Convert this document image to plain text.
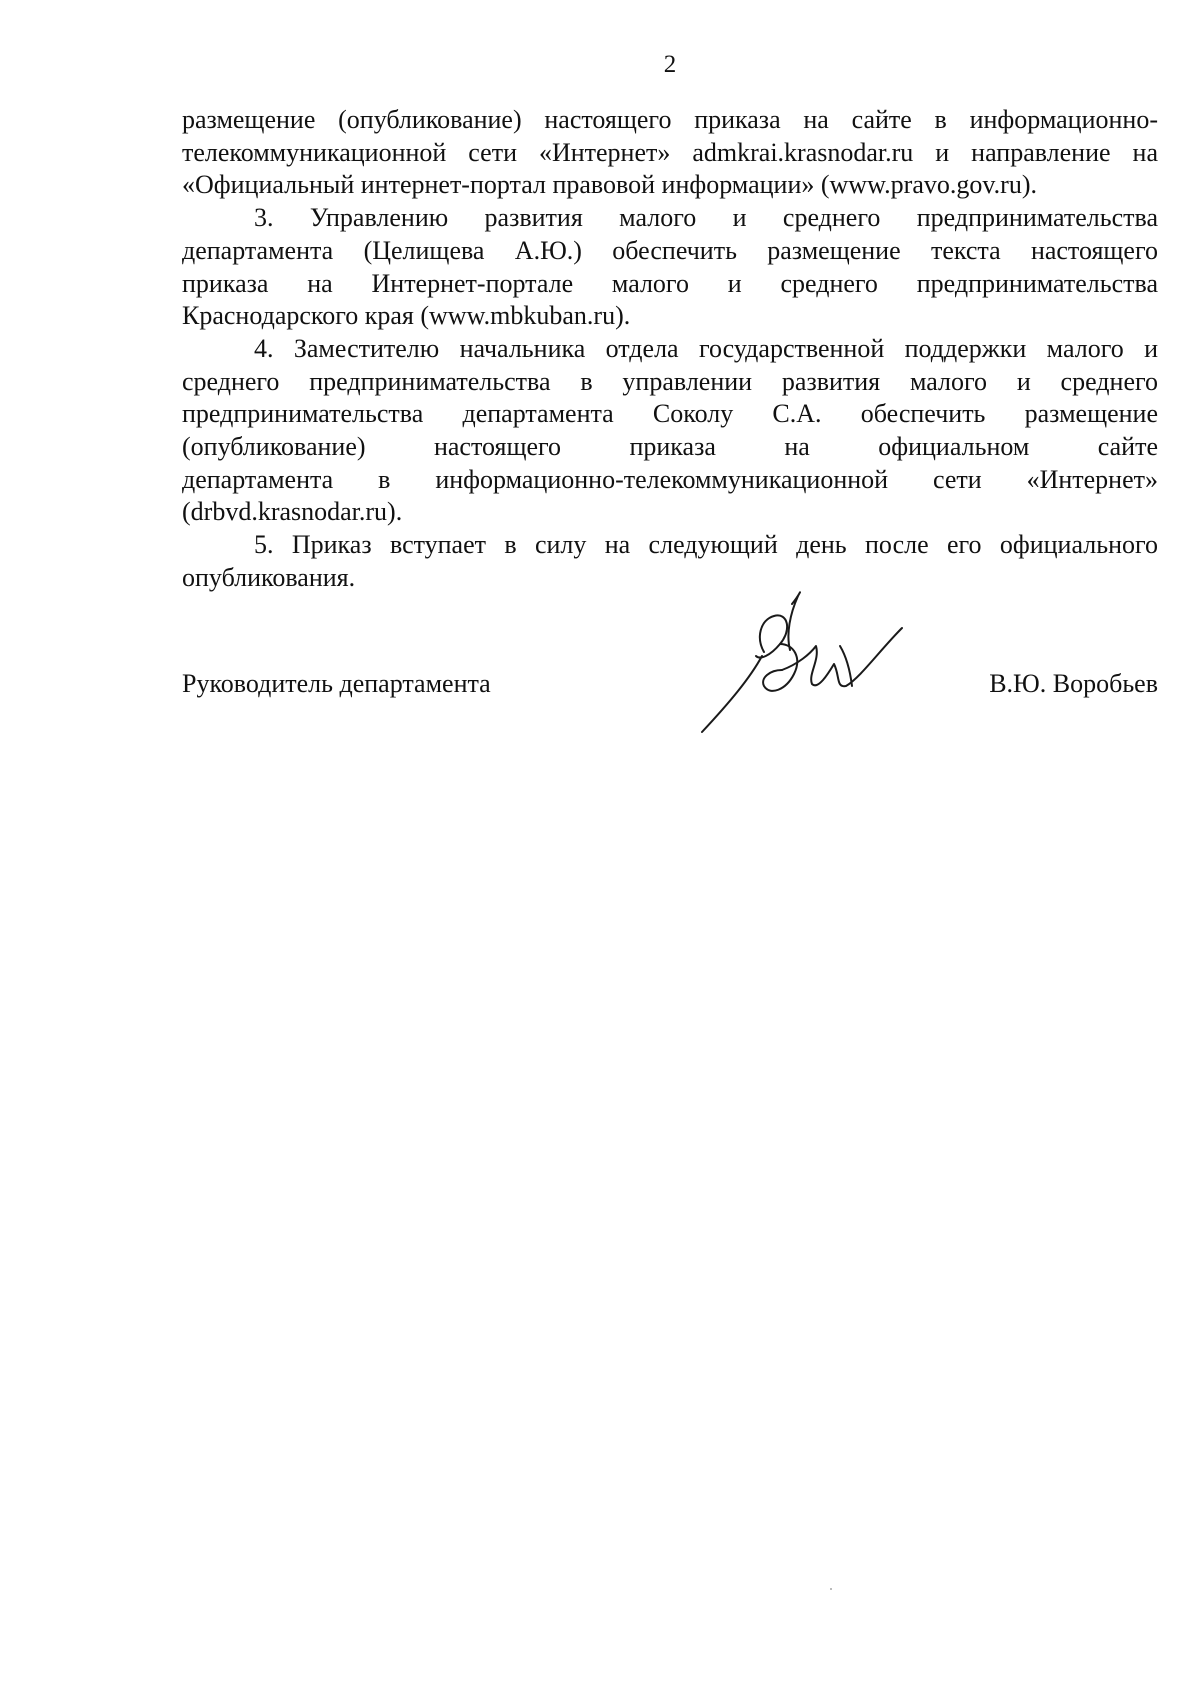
2

размещение (опубликование) настоящего приказа на сайте в информационно-
телекоммуникационной сети «Интернет» admkrai.krasnodar.ru и направление на
«Официальный интернет-портал правовой информации» (www.pravo.gov.ru).

3. Управлению развития малого и среднего предпринимательства
департамента (Целищева А.Ю.) обеспечить размещение текста настоящего
приказа на Интернет-портале малого и среднего предпринимательства
Краснодарского края (www.mbkuban.ru).

4. Заместителю начальника отдела государственной поддержки малого и
среднего предпринимательства в управлении развития малого и среднего
предпринимательства департамента Соколу С.А. обеспечить размещение
(опубликование) настоящего приказа на официальном сайте
департамента в информационно-телекоммуникационной сети «Интернет»
(drbvd.krasnodar.ru).

5. Приказ вступает в силу на следующий день после его официального
опубликования.

Руководитель департамента	В.Ю. Воробьев
